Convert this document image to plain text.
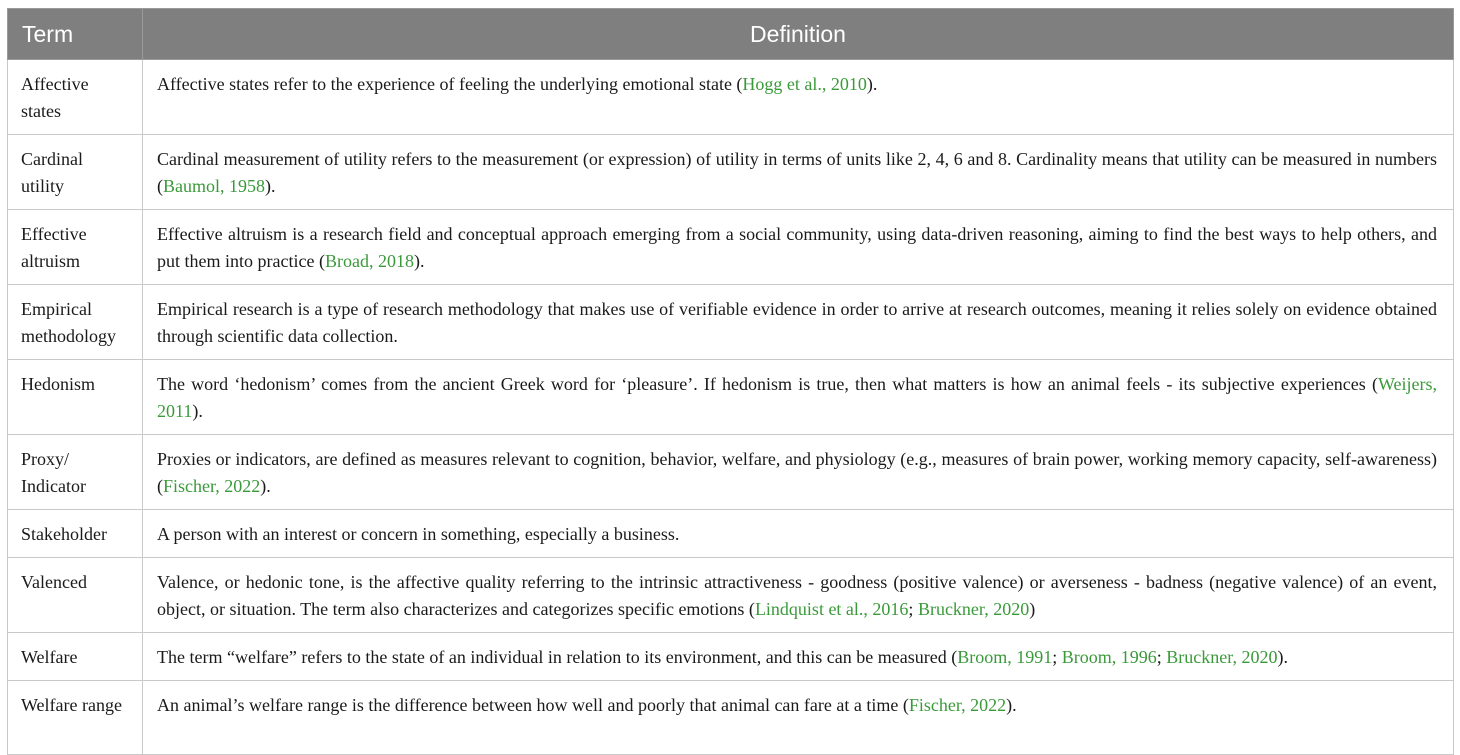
Term	Definition
Affective states	Affective states refer to the experience of feeling the underlying emotional state (Hogg et al., 2010).
Cardinal utility	Cardinal measurement of utility refers to the measurement (or expression) of utility in terms of units like 2, 4, 6 and 8. Cardinality means that utility can be measured in numbers (Baumol, 1958).
Effective altruism	Effective altruism is a research field and conceptual approach emerging from a social community, using data-driven reasoning, aiming to find the best ways to help others, and put them into practice (Broad, 2018).
Empirical methodology	Empirical research is a type of research methodology that makes use of verifiable evidence in order to arrive at research outcomes, meaning it relies solely on evidence obtained through scientific data collection.
Hedonism	The word ‘hedonism’ comes from the ancient Greek word for ‘pleasure’. If hedonism is true, then what matters is how an animal feels - its subjective experiences (Weijers, 2011).
Proxy/ Indicator	Proxies or indicators, are defined as measures relevant to cognition, behavior, welfare, and physiology (e.g., measures of brain power, working memory capacity, self-awareness) (Fischer, 2022).
Stakeholder	A person with an interest or concern in something, especially a business.
Valenced	Valence, or hedonic tone, is the affective quality referring to the intrinsic attractiveness - goodness (positive valence) or averseness - badness (negative valence) of an event, object, or situation. The term also characterizes and categorizes specific emotions (Lindquist et al., 2016; Bruckner, 2020)
Welfare	The term “welfare” refers to the state of an individual in relation to its environment, and this can be measured (Broom, 1991; Broom, 1996; Bruckner, 2020).
Welfare range	An animal’s welfare range is the difference between how well and poorly that animal can fare at a time (Fischer, 2022).
